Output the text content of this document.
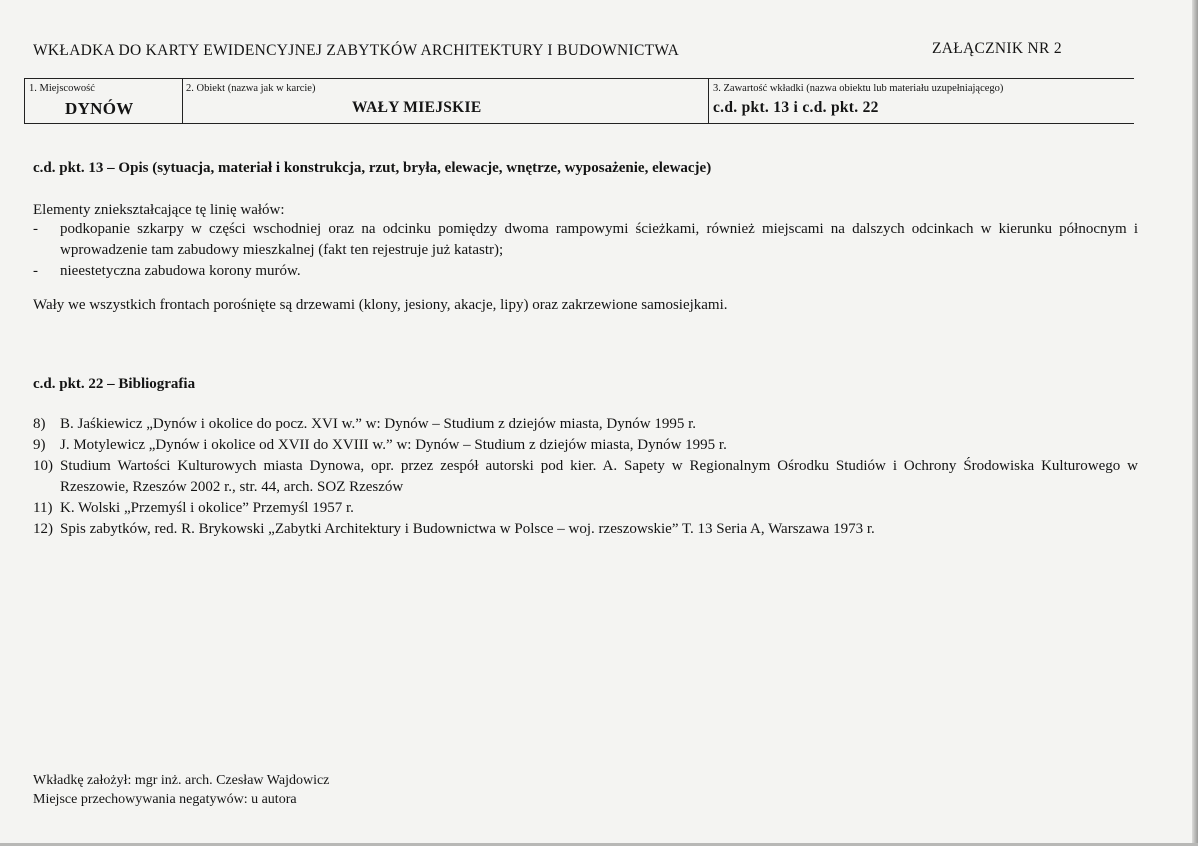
WKŁADKA DO KARTY EWIDENCYJNEJ ZABYTKÓW ARCHITEKTURY I BUDOWNICTWA	ZAŁĄCZNIK NR 2
1. Miejscowość
DYNÓW
2. Obiekt (nazwa jak w karcie)
WAŁY MIEJSKIE
3. Zawartość wkładki (nazwa obiektu lub materiału uzupełniającego)
c.d. pkt. 13 i c.d. pkt. 22
c.d. pkt. 13 – Opis (sytuacja, materiał i konstrukcja, rzut, bryła, elewacje, wnętrze, wyposażenie, elewacje)
Elementy zniekształcające tę linię wałów:
- podkopanie szkarpy w części wschodniej oraz na odcinku pomiędzy dwoma rampowymi ścieżkami, również miejscami na dalszych odcinkach w kierunku północnym i wprowadzenie tam zabudowy mieszkalnej (fakt ten rejestruje już katastr);
- nieestetyczna zabudowa korony murów.
Wały we wszystkich frontach porośnięte są drzewami (klony, jesiony, akacje, lipy) oraz zakrzewione samosiejkami.
c.d. pkt. 22 – Bibliografia
8) B. Jaśkiewicz „Dynów i okolice do pocz. XVI w.” w: Dynów – Studium z dziejów miasta, Dynów 1995 r.
9) J. Motylewicz „Dynów i okolice od XVII do XVIII w.” w: Dynów – Studium z dziejów miasta, Dynów 1995 r.
10) Studium Wartości Kulturowych miasta Dynowa, opr. przez zespół autorski pod kier. A. Sapety w Regionalnym Ośrodku Studiów i Ochrony Środowiska Kulturowego w Rzeszowie, Rzeszów 2002 r., str. 44, arch. SOZ Rzeszów
11) K. Wolski „Przemyśl i okolice” Przemyśl 1957 r.
12) Spis zabytków, red. R. Brykowski „Zabytki Architektury i Budownictwa w Polsce – woj. rzeszowskie” T. 13 Seria A, Warszawa 1973 r.
Wkładkę założył: mgr inż. arch. Czesław Wajdowicz
Miejsce przechowywania negatywów: u autora
